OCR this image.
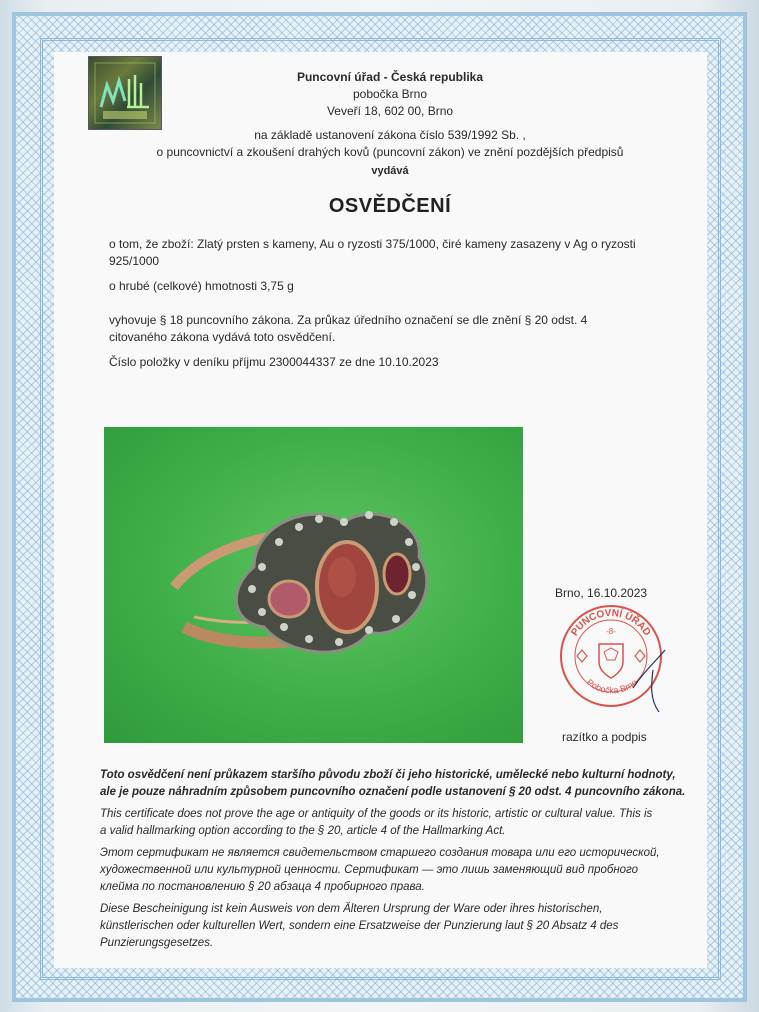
Puncovní úřad - Česká republika
pobočka Brno
Veveří 18, 602 00, Brno
na základě ustanovení zákona číslo 539/1992 Sb. ,
o puncovnictví a zkoušení drahých kovů (puncovní zákon) ve znění pozdějších předpisů
vydává
OSVĚDČENÍ
o tom, že zboží: Zlatý prsten s kameny, Au o ryzosti 375/1000, čiré kameny zasazeny v Ag o ryzosti
925/1000
o hrubé (celkové) hmotnosti 3,75 g
vyhovuje § 18 puncovního zákona. Za průkaz úředního označení se dle znění § 20 odst. 4
citovaného zákona vydává toto osvědčení.
Číslo položky v deníku příjmu 2300044337 ze dne 10.10.2023
Brno, 16.10.2023
PUNCOVNÍ ÚŘAD
-8-
Pobočka Brno
razítko a podpis
Toto osvědčení není průkazem staršího původu zboží či jeho historické, umělecké nebo kulturní hodnoty,
ale je pouze náhradním způsobem puncovního označení podle ustanovení § 20 odst. 4 puncovního zákona.
This certificate does not prove the age or antiquity of the goods or its historic, artistic or cultural value. This is
a valid hallmarking option according to the § 20, article 4 of the Hallmarking Act.
Этот сертификат не является свидетельством старшего создания товара или его исторической,
художественной или культурной ценности. Сертификат — это лишь заменяющий вид пробного
клейма по постановлению § 20 абзаца 4 пробирного права.
Diese Bescheinigung ist kein Ausweis von dem Älteren Ursprung der Ware oder ihres historischen,
künstlerischen oder kulturellen Wert, sondern eine Ersatzweise der Punzierung laut § 20 Absatz 4 des
Punzierungsgesetzes.
